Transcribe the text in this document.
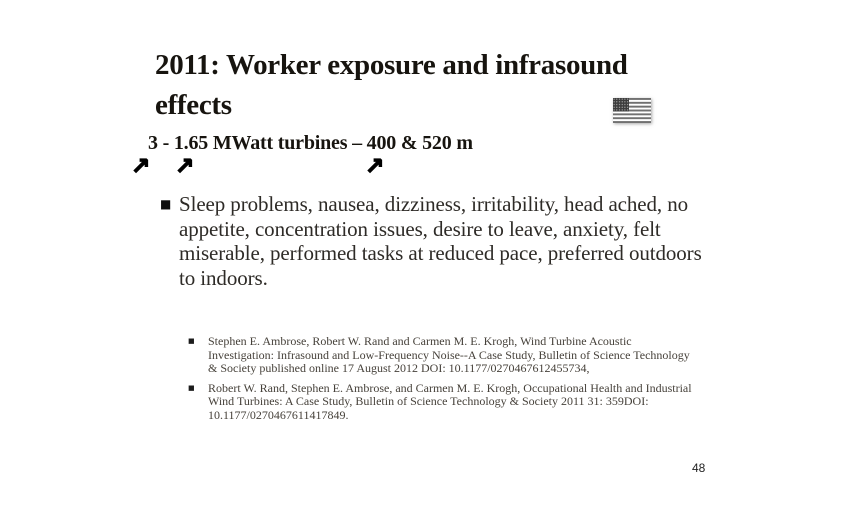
2011: Worker exposure and infrasound
effects
3 - 1.65 MWatt turbines – 400 & 520 m
↗ ↗	↗
■ Sleep problems, nausea, dizziness, irritability, head ached, no appetite, concentration issues, desire to leave, anxiety, felt miserable, performed tasks at reduced pace, preferred outdoors to indoors.
■	Stephen E. Ambrose, Robert W. Rand and Carmen M. E. Krogh, Wind Turbine Acoustic Investigation: Infrasound and Low-Frequency Noise--A Case Study, Bulletin of Science Technology & Society published online 17 August 2012 DOI: 10.1177/0270467612455734,
■	Robert W. Rand, Stephen E. Ambrose, and Carmen M. E. Krogh, Occupational Health and Industrial Wind Turbines: A Case Study, Bulletin of Science Technology & Society 2011 31: 359DOI: 10.1177/0270467611417849.
48
